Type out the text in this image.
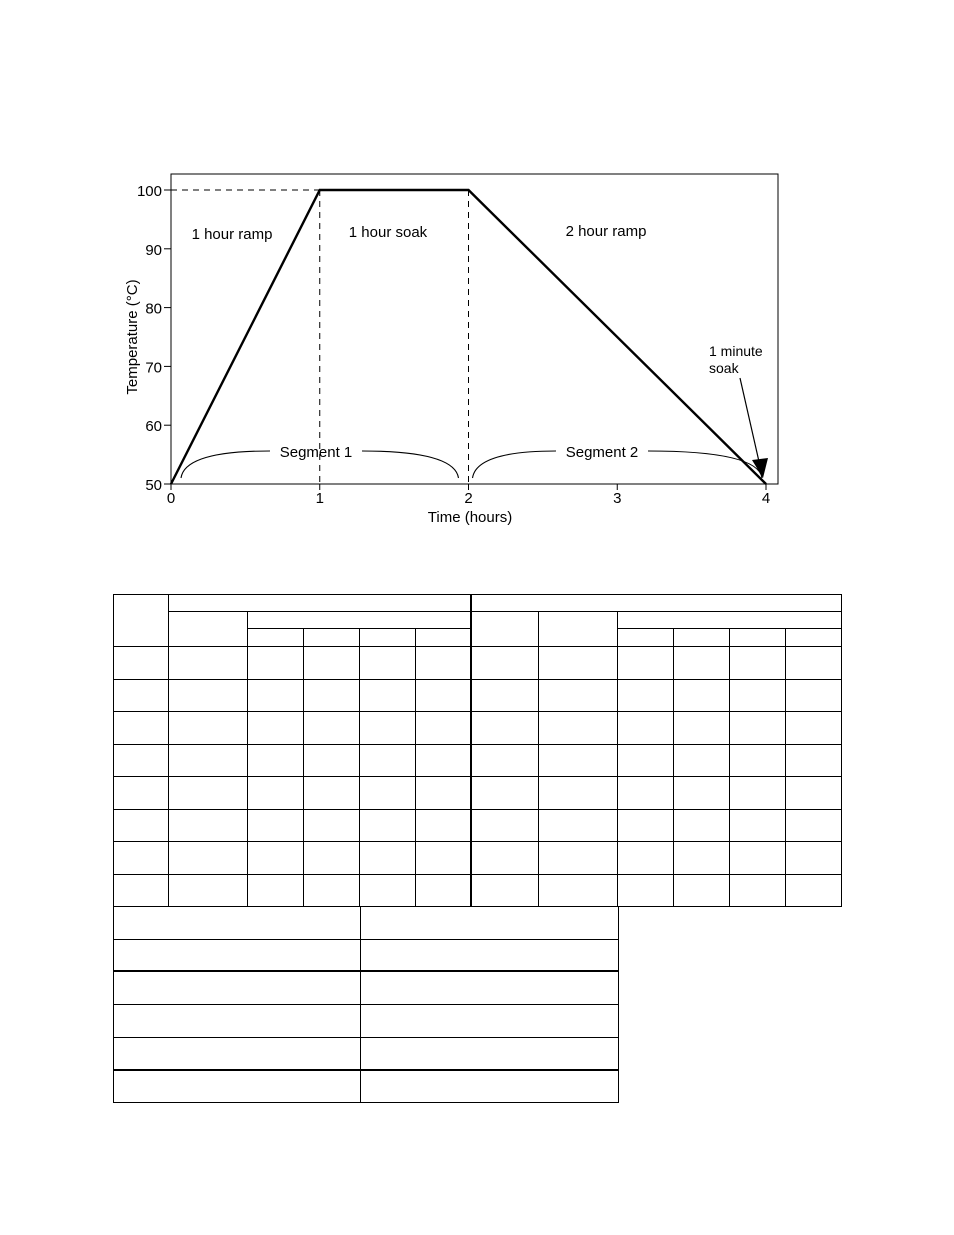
50
60
70
80
90
100
0	1	2	3	4
Segment 1	Segment 2
Temperature (°C)
Time (hours)
1 hour ramp	1 hour soak	2 hour ramp
1 minute
soak
